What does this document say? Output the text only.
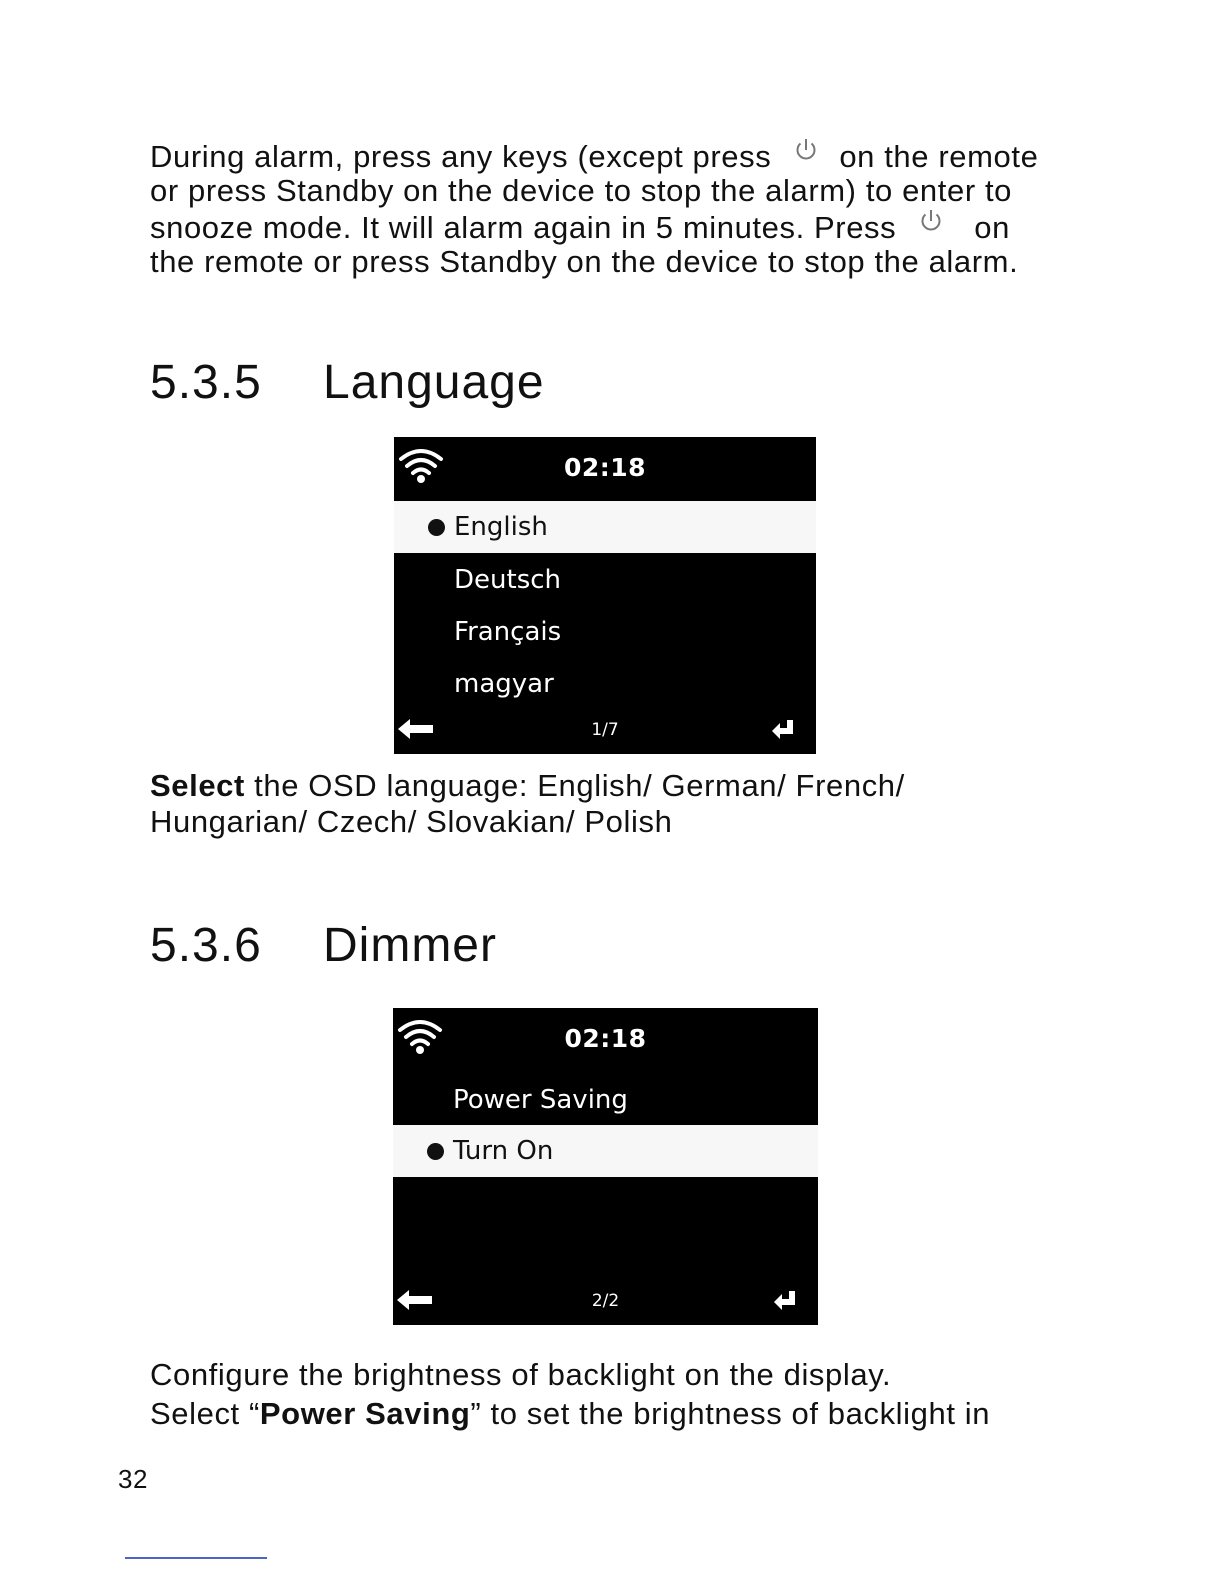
During alarm, press any keys (except press on the remote
or press Standby on the device to stop the alarm) to enter to
snooze mode. It will alarm again in 5 minutes. Press	on
the remote or press Standby on the device to stop the alarm.
5.3.5 Language
02:18
English
Deutsch
Français
magyar
1/7
Select the OSD language: English/ German/ French/
Hungarian/ Czech/ Slovakian/ Polish
5.3.6 Dimmer
02:18
Power Saving
Turn On
2/2
Configure the brightness of backlight on the display.
Select “Power Saving” to set the brightness of backlight in
32
